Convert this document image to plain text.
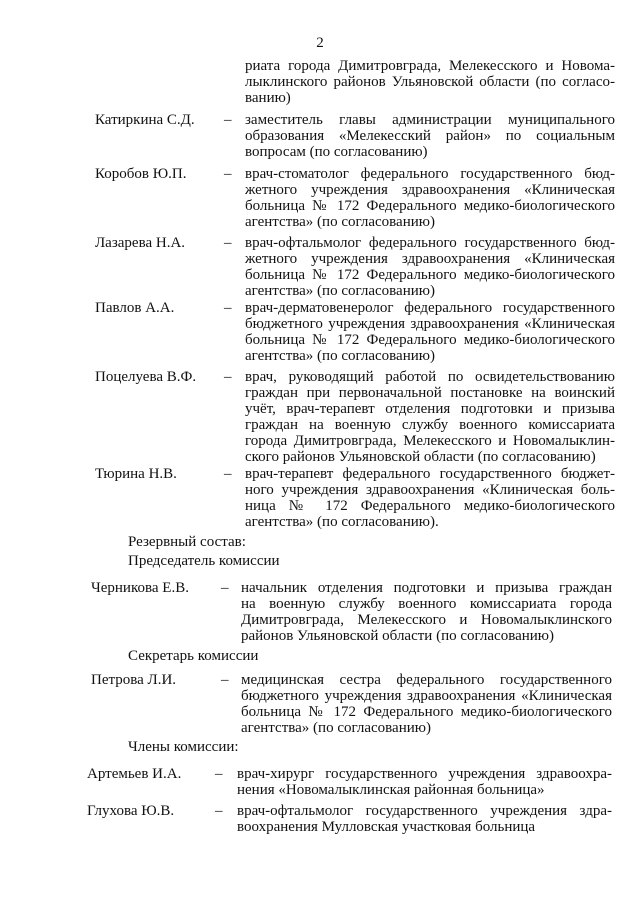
2
риата города Димитровграда, Мелекесского и Новома-
лыклинского районов Ульяновской области (по согласо-
ванию)
Катиркина С.Д. – заместитель главы администрации муниципального
образования «Мелекесский район» по социальным
вопросам (по согласованию)
Коробов Ю.П.	– врач-стоматолог федерального государственного бюд-
жетного учреждения здравоохранения «Клиническая
больница № 172 Федерального медико-биологического
агентства» (по согласованию)
Лазарева Н.А.	– врач-офтальмолог федерального государственного бюд-
жетного учреждения здравоохранения «Клиническая
больница № 172 Федерального медико-биологического
агентства» (по согласованию)
Павлов А.А.	– врач-дерматовенеролог федерального государственного
бюджетного учреждения здравоохранения «Клиническая
больница № 172 Федерального медико-биологического
агентства» (по согласованию)
Поцелуева В.Ф. – врач, руководящий работой по освидетельствованию
граждан при первоначальной постановке на воинский
учёт, врач-терапевт отделения подготовки и призыва
граждан на военную службу военного комиссариата
города Димитровграда, Мелекесского и Новомалыклин-
ского районов Ульяновской области (по согласованию)
Тюрина Н.В.	– врач-терапевт федерального государственного бюджет-
ного учреждения здравоохранения «Клиническая боль-
ница № 172 Федерального медико-биологического
агентства» (по согласованию).
Резервный состав:
Председатель комиссии
Черникова Е.В. – начальник отделения подготовки и призыва граждан
на военную службу военного комиссариата города
Димитровграда, Мелекесского и Новомалыклинского
районов Ульяновской области (по согласованию)
Секретарь комиссии
Петрова Л.И.	– медицинская сестра федерального государственного
бюджетного учреждения здравоохранения «Клиническая
больница № 172 Федерального медико-биологического
агентства» (по согласованию)
Члены комиссии:
Артемьев И.А. – врач-хирург государственного учреждения здравоохра-
нения «Новомалыклинская районная больница»
Глухова Ю.В.	– врач-офтальмолог государственного учреждения здра-
воохранения Мулловская участковая больница
